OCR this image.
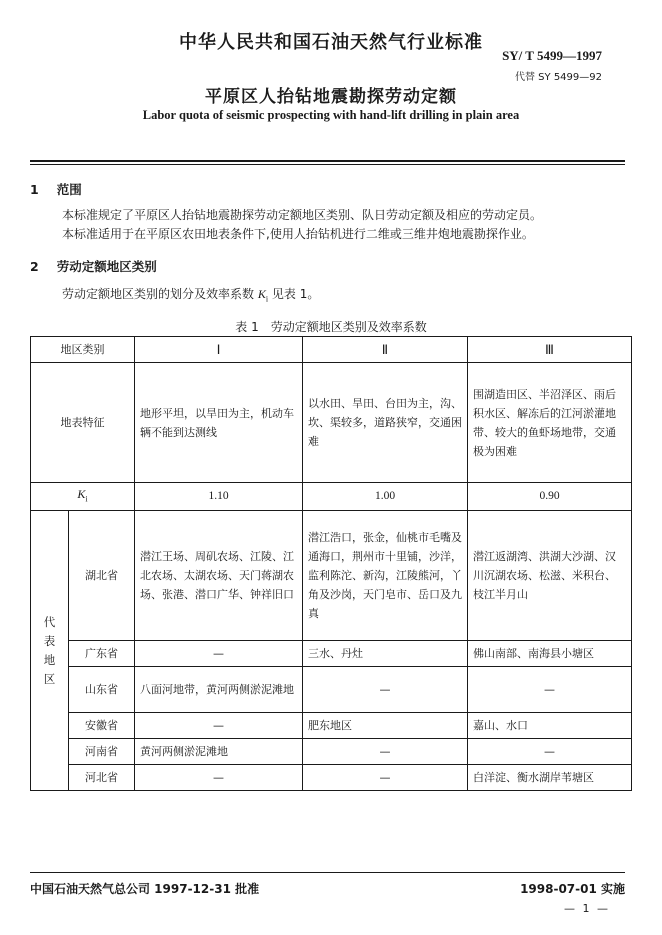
中华人民共和国石油天然气行业标准
SY/ T 5499—1997
代替 SY 5499—92
平原区人抬钻地震勘探劳动定额
Labor quota of seismic prospecting with hand-lift drilling in plain area
1 范围
本标准规定了平原区人抬钻地震勘探劳动定额地区类别、队日劳动定额及相应的劳动定员。
本标准适用于在平原区农田地表条件下,使用人抬钻机进行二维或三维井炮地震勘探作业。
2 劳动定额地区类别
劳动定额地区类别的划分及效率系数 $K_i$ 见表 1。
表 1　劳动定额地区类别及效率系数
地区类别		Ⅰ	Ⅱ	Ⅲ
地表特征		地形平坦，以旱田为主，机动车辆不能到达测线	以水田、旱田、台田为主，沟、坎、渠较多，道路狭窄，交通困难	围湖造田区、半沼泽区、雨后积水区、解冻后的江河淤灌地带、较大的鱼虾场地带，交通极为困难
$K_i$		1.10	1.00	0.90
代
表
地
区	湖北省	潜江王场、周矶农场、江陵、江北农场、太湖农场、天门蒋湖农场、张港、潜口广华、钟祥旧口	潜江浩口，张金，仙桃市毛嘴及通海口，荆州市十里铺，沙洋，监利陈沱、新沟，江陵熊河，丫角及沙岗，天门皂市、岳口及九真	潜江返湖湾、洪湖大沙湖、汉川沉湖农场、松滋、米积台、枝江半月山
	广东省	—	三水、丹灶	佛山南部、南海县小塘区
	山东省	八面河地带，黄河两侧淤泥滩地	—	—
	安徽省	—	肥东地区	嘉山、水口
	河南省	黄河两侧淤泥滩地	—	—
	河北省	—	—	白洋淀、衡水湖岸苇塘区
中国石油天然气总公司 1997-12-31 批准	1998-07-01 实施
— 1 —
